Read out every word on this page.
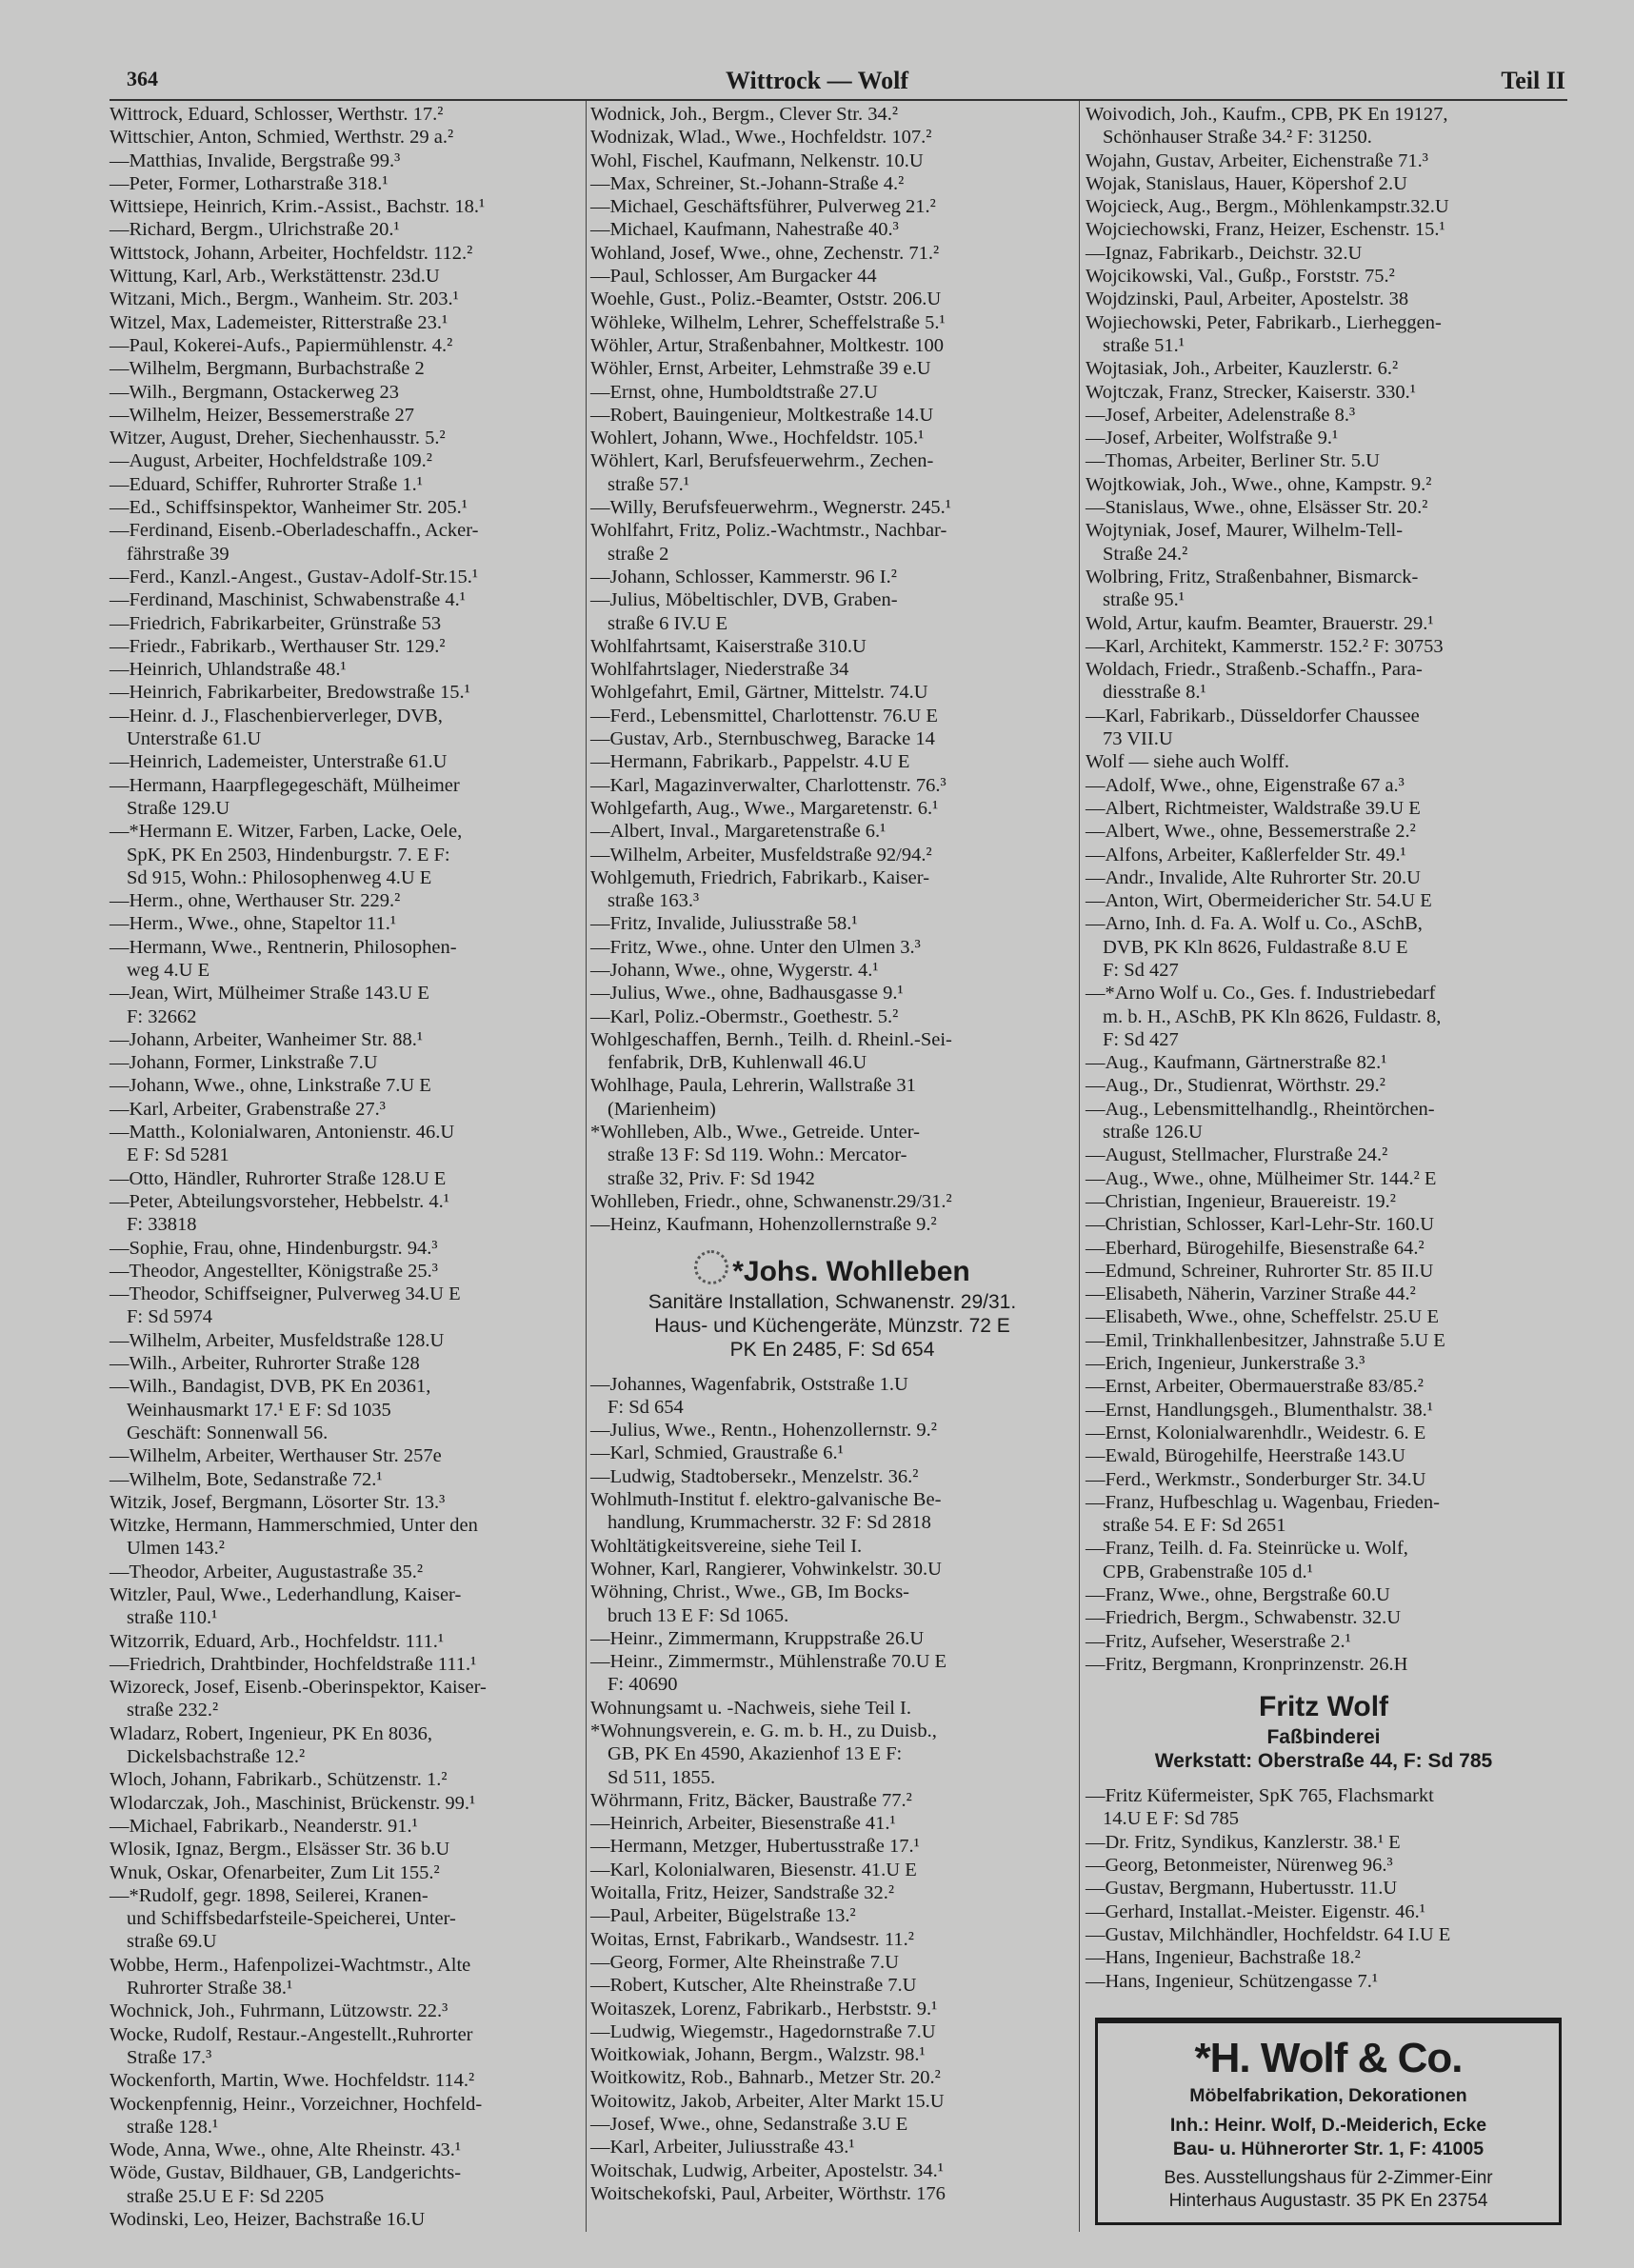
364	Wittrock — Wolf	Teil II
Wittrock, Eduard, Schlosser, Werthstr. 17.²
Wittschier, Anton, Schmied, Werthstr. 29 a.²
—Matthias, Invalide, Bergstraße 99.³
—Peter, Former, Lotharstraße 318.¹
Wittsiepe, Heinrich, Krim.-Assist., Bachstr. 18.¹
—Richard, Bergm., Ulrichstraße 20.¹
Wittstock, Johann, Arbeiter, Hochfeldstr. 112.²
Wittung, Karl, Arb., Werkstättenstr. 23d.U
Witzani, Mich., Bergm., Wanheim. Str. 203.¹
Witzel, Max, Lademeister, Ritterstraße 23.¹
—Paul, Kokerei-Aufs., Papiermühlenstr. 4.²
—Wilhelm, Bergmann, Burbachstraße 2
—Wilh., Bergmann, Ostackerweg 23
—Wilhelm, Heizer, Bessemerstraße 27
Witzer, August, Dreher, Siechenhausstr. 5.²
—August, Arbeiter, Hochfeldstraße 109.²
—Eduard, Schiffer, Ruhrorter Straße 1.¹
—Ed., Schiffsinspektor, Wanheimer Str. 205.¹
—Ferdinand, Eisenb.-Oberladeschaffn., Acker-
fährstraße 39
—Ferd., Kanzl.-Angest., Gustav-Adolf-Str.15.¹
—Ferdinand, Maschinist, Schwabenstraße 4.¹
—Friedrich, Fabrikarbeiter, Grünstraße 53
—Friedr., Fabrikarb., Werthauser Str. 129.²
—Heinrich, Uhlandstraße 48.¹
—Heinrich, Fabrikarbeiter, Bredowstraße 15.¹
—Heinr. d. J., Flaschenbierverleger, DVB,
Unterstraße 61.U
—Heinrich, Lademeister, Unterstraße 61.U
—Hermann, Haarpflegegeschäft, Mülheimer
Straße 129.U
—*Hermann E. Witzer, Farben, Lacke, Oele,
SpK, PK En 2503, Hindenburgstr. 7. E F:
Sd 915, Wohn.: Philosophenweg 4.U E
—Herm., ohne, Werthauser Str. 229.²
—Herm., Wwe., ohne, Stapeltor 11.¹
—Hermann, Wwe., Rentnerin, Philosophen-
weg 4.U E
—Jean, Wirt, Mülheimer Straße 143.U E
F: 32662
—Johann, Arbeiter, Wanheimer Str. 88.¹
—Johann, Former, Linkstraße 7.U
—Johann, Wwe., ohne, Linkstraße 7.U E
—Karl, Arbeiter, Grabenstraße 27.³
—Matth., Kolonialwaren, Antonienstr. 46.U
E F: Sd 5281
—Otto, Händler, Ruhrorter Straße 128.U E
—Peter, Abteilungsvorsteher, Hebbelstr. 4.¹
F: 33818
—Sophie, Frau, ohne, Hindenburgstr. 94.³
—Theodor, Angestellter, Königstraße 25.³
—Theodor, Schiffseigner, Pulverweg 34.U E
F: Sd 5974
—Wilhelm, Arbeiter, Musfeldstraße 128.U
—Wilh., Arbeiter, Ruhrorter Straße 128
—Wilh., Bandagist, DVB, PK En 20361,
Weinhausmarkt 17.¹ E F: Sd 1035
Geschäft: Sonnenwall 56.
—Wilhelm, Arbeiter, Werthauser Str. 257e
—Wilhelm, Bote, Sedanstraße 72.¹
Witzik, Josef, Bergmann, Lösorter Str. 13.³
Witzke, Hermann, Hammerschmied, Unter den
Ulmen 143.²
—Theodor, Arbeiter, Augustastraße 35.²
Witzler, Paul, Wwe., Lederhandlung, Kaiser-
straße 110.¹
Witzorrik, Eduard, Arb., Hochfeldstr. 111.¹
—Friedrich, Drahtbinder, Hochfeldstraße 111.¹
Wizoreck, Josef, Eisenb.-Oberinspektor, Kaiser-
straße 232.²
Wladarz, Robert, Ingenieur, PK En 8036,
Dickelsbachstraße 12.²
Wloch, Johann, Fabrikarb., Schützenstr. 1.²
Wlodarczak, Joh., Maschinist, Brückenstr. 99.¹
—Michael, Fabrikarb., Neanderstr. 91.¹
Wlosik, Ignaz, Bergm., Elsässer Str. 36 b.U
Wnuk, Oskar, Ofenarbeiter, Zum Lit 155.²
—*Rudolf, gegr. 1898, Seilerei, Kranen-
und Schiffsbedarfsteile-Speicherei, Unter-
straße 69.U
Wobbe, Herm., Hafenpolizei-Wachtmstr., Alte
Ruhrorter Straße 38.¹
Wochnick, Joh., Fuhrmann, Lützowstr. 22.³
Wocke, Rudolf, Restaur.-Angestellt.,Ruhrorter
Straße 17.³
Wockenforth, Martin, Wwe. Hochfeldstr. 114.²
Wockenpfennig, Heinr., Vorzeichner, Hochfeld-
straße 128.¹
Wode, Anna, Wwe., ohne, Alte Rheinstr. 43.¹
Wöde, Gustav, Bildhauer, GB, Landgerichts-
straße 25.U E F: Sd 2205
Wodinski, Leo, Heizer, Bachstraße 16.U
Wodnick, Joh., Bergm., Clever Str. 34.²
Wodnizak, Wlad., Wwe., Hochfeldstr. 107.²
Wohl, Fischel, Kaufmann, Nelkenstr. 10.U
—Max, Schreiner, St.-Johann-Straße 4.²
—Michael, Geschäftsführer, Pulverweg 21.²
—Michael, Kaufmann, Nahestraße 40.³
Wohland, Josef, Wwe., ohne, Zechenstr. 71.²
—Paul, Schlosser, Am Burgacker 44
Woehle, Gust., Poliz.-Beamter, Oststr. 206.U
Wöhleke, Wilhelm, Lehrer, Scheffelstraße 5.¹
Wöhler, Artur, Straßenbahner, Moltkestr. 100
Wöhler, Ernst, Arbeiter, Lehmstraße 39 e.U
—Ernst, ohne, Humboldtstraße 27.U
—Robert, Bauingenieur, Moltkestraße 14.U
Wohlert, Johann, Wwe., Hochfeldstr. 105.¹
Wöhlert, Karl, Berufsfeuerwehrm., Zechen-
straße 57.¹
—Willy, Berufsfeuerwehrm., Wegnerstr. 245.¹
Wohlfahrt, Fritz, Poliz.-Wachtmstr., Nachbar-
straße 2
—Johann, Schlosser, Kammerstr. 96 I.²
—Julius, Möbeltischler, DVB, Graben-
straße 6 IV.U E
Wohlfahrtsamt, Kaiserstraße 310.U
Wohlfahrtslager, Niederstraße 34
Wohlgefahrt, Emil, Gärtner, Mittelstr. 74.U
—Ferd., Lebensmittel, Charlottenstr. 76.U E
—Gustav, Arb., Sternbuschweg, Baracke 14
—Hermann, Fabrikarb., Pappelstr. 4.U E
—Karl, Magazinverwalter, Charlottenstr. 76.³
Wohlgefarth, Aug., Wwe., Margaretenstr. 6.¹
—Albert, Inval., Margaretenstraße 6.¹
—Wilhelm, Arbeiter, Musfeldstraße 92/94.²
Wohlgemuth, Friedrich, Fabrikarb., Kaiser-
straße 163.³
—Fritz, Invalide, Juliusstraße 58.¹
—Fritz, Wwe., ohne. Unter den Ulmen 3.³
—Johann, Wwe., ohne, Wygerstr. 4.¹
—Julius, Wwe., ohne, Badhausgasse 9.¹
—Karl, Poliz.-Obermstr., Goethestr. 5.²
Wohlgeschaffen, Bernh., Teilh. d. Rheinl.-Sei-
fenfabrik, DrB, Kuhlenwall 46.U
Wohlhage, Paula, Lehrerin, Wallstraße 31
(Marienheim)
*Wohlleben, Alb., Wwe., Getreide. Unter-
straße 13 F: Sd 119. Wohn.: Mercator-
straße 32, Priv. F: Sd 1942
Wohlleben, Friedr., ohne, Schwanenstr.29/31.²
—Heinz, Kaufmann, Hohenzollernstraße 9.²
*Johs. Wohlleben
Sanitäre Installation, Schwanenstr. 29/31.
Haus- und Küchengeräte, Münzstr. 72 E
PK En 2485, F: Sd 654
—Johannes, Wagenfabrik, Oststraße 1.U
F: Sd 654
—Julius, Wwe., Rentn., Hohenzollernstr. 9.²
—Karl, Schmied, Graustraße 6.¹
—Ludwig, Stadtobersekr., Menzelstr. 36.²
Wohlmuth-Institut f. elektro-galvanische Be-
handlung, Krummacherstr. 32 F: Sd 2818
Wohltätigkeitsvereine, siehe Teil I.
Wohner, Karl, Rangierer, Vohwinkelstr. 30.U
Wöhning, Christ., Wwe., GB, Im Bocks-
bruch 13 E F: Sd 1065.
—Heinr., Zimmermann, Kruppstraße 26.U
—Heinr., Zimmermstr., Mühlenstraße 70.U E
F: 40690
Wohnungsamt u. -Nachweis, siehe Teil I.
*Wohnungsverein, e. G. m. b. H., zu Duisb.,
GB, PK En 4590, Akazienhof 13 E F:
Sd 511, 1855.
Wöhrmann, Fritz, Bäcker, Baustraße 77.²
—Heinrich, Arbeiter, Biesenstraße 41.¹
—Hermann, Metzger, Hubertusstraße 17.¹
—Karl, Kolonialwaren, Biesenstr. 41.U E
Woitalla, Fritz, Heizer, Sandstraße 32.²
—Paul, Arbeiter, Bügelstraße 13.²
Woitas, Ernst, Fabrikarb., Wandsestr. 11.²
—Georg, Former, Alte Rheinstraße 7.U
—Robert, Kutscher, Alte Rheinstraße 7.U
Woitaszek, Lorenz, Fabrikarb., Herbststr. 9.¹
—Ludwig, Wiegemstr., Hagedornstraße 7.U
Woitkowiak, Johann, Bergm., Walzstr. 98.¹
Woitkowitz, Rob., Bahnarb., Metzer Str. 20.²
Woitowitz, Jakob, Arbeiter, Alter Markt 15.U
—Josef, Wwe., ohne, Sedanstraße 3.U E
—Karl, Arbeiter, Juliusstraße 43.¹
Woitschak, Ludwig, Arbeiter, Apostelstr. 34.¹
Woitschekofski, Paul, Arbeiter, Wörthstr. 176
Woivodich, Joh., Kaufm., CPB, PK En 19127,
Schönhauser Straße 34.² F: 31250.
Wojahn, Gustav, Arbeiter, Eichenstraße 71.³
Wojak, Stanislaus, Hauer, Köpershof 2.U
Wojcieck, Aug., Bergm., Möhlenkampstr.32.U
Wojciechowski, Franz, Heizer, Eschenstr. 15.¹
—Ignaz, Fabrikarb., Deichstr. 32.U
Wojcikowski, Val., Gußp., Forststr. 75.²
Wojdzinski, Paul, Arbeiter, Apostelstr. 38
Wojiechowski, Peter, Fabrikarb., Lierheggen-
straße 51.¹
Wojtasiak, Joh., Arbeiter, Kauzlerstr. 6.²
Wojtczak, Franz, Strecker, Kaiserstr. 330.¹
—Josef, Arbeiter, Adelenstraße 8.³
—Josef, Arbeiter, Wolfstraße 9.¹
—Thomas, Arbeiter, Berliner Str. 5.U
Wojtkowiak, Joh., Wwe., ohne, Kampstr. 9.²
—Stanislaus, Wwe., ohne, Elsässer Str. 20.²
Wojtyniak, Josef, Maurer, Wilhelm-Tell-
Straße 24.²
Wolbring, Fritz, Straßenbahner, Bismarck-
straße 95.¹
Wold, Artur, kaufm. Beamter, Brauerstr. 29.¹
—Karl, Architekt, Kammerstr. 152.² F: 30753
Woldach, Friedr., Straßenb.-Schaffn., Para-
diesstraße 8.¹
—Karl, Fabrikarb., Düsseldorfer Chaussee
73 VII.U
Wolf — siehe auch Wolff.
—Adolf, Wwe., ohne, Eigenstraße 67 a.³
—Albert, Richtmeister, Waldstraße 39.U E
—Albert, Wwe., ohne, Bessemerstraße 2.²
—Alfons, Arbeiter, Kaßlerfelder Str. 49.¹
—Andr., Invalide, Alte Ruhrorter Str. 20.U
—Anton, Wirt, Obermeidericher Str. 54.U E
—Arno, Inh. d. Fa. A. Wolf u. Co., ASchB,
DVB, PK Kln 8626, Fuldastraße 8.U E
F: Sd 427
—*Arno Wolf u. Co., Ges. f. Industriebedarf
m. b. H., ASchB, PK Kln 8626, Fuldastr. 8,
F: Sd 427
—Aug., Kaufmann, Gärtnerstraße 82.¹
—Aug., Dr., Studienrat, Wörthstr. 29.²
—Aug., Lebensmittelhandlg., Rheintörchen-
straße 126.U
—August, Stellmacher, Flurstraße 24.²
—Aug., Wwe., ohne, Mülheimer Str. 144.² E
—Christian, Ingenieur, Brauereistr. 19.²
—Christian, Schlosser, Karl-Lehr-Str. 160.U
—Eberhard, Bürogehilfe, Biesenstraße 64.²
—Edmund, Schreiner, Ruhrorter Str. 85 II.U
—Elisabeth, Näherin, Varziner Straße 44.²
—Elisabeth, Wwe., ohne, Scheffelstr. 25.U E
—Emil, Trinkhallenbesitzer, Jahnstraße 5.U E
—Erich, Ingenieur, Junkerstraße 3.³
—Ernst, Arbeiter, Obermauerstraße 83/85.²
—Ernst, Handlungsgeh., Blumenthalstr. 38.¹
—Ernst, Kolonialwarenhdlr., Weidestr. 6. E
—Ewald, Bürogehilfe, Heerstraße 143.U
—Ferd., Werkmstr., Sonderburger Str. 34.U
—Franz, Hufbeschlag u. Wagenbau, Frieden-
straße 54. E F: Sd 2651
—Franz, Teilh. d. Fa. Steinrücke u. Wolf,
CPB, Grabenstraße 105 d.¹
—Franz, Wwe., ohne, Bergstraße 60.U
—Friedrich, Bergm., Schwabenstr. 32.U
—Fritz, Aufseher, Weserstraße 2.¹
—Fritz, Bergmann, Kronprinzenstr. 26.H
Fritz Wolf
Faßbinderei
Werkstatt: Oberstraße 44, F: Sd 785
—Fritz Küfermeister, SpK 765, Flachsmarkt
14.U E F: Sd 785
—Dr. Fritz, Syndikus, Kanzlerstr. 38.¹ E
—Georg, Betonmeister, Nürenweg 96.³
—Gustav, Bergmann, Hubertusstr. 11.U
—Gerhard, Installat.-Meister. Eigenstr. 46.¹
—Gustav, Milchhändler, Hochfeldstr. 64 I.U E
—Hans, Ingenieur, Bachstraße 18.²
—Hans, Ingenieur, Schützengasse 7.¹
*H. Wolf & Co.
Möbelfabrikation, Dekorationen
Inh.: Heinr. Wolf, D.-Meiderich, Ecke
Bau- u. Hühnerorter Str. 1, F: 41005
Bes. Ausstellungshaus für 2-Zimmer-Einr
Hinterhaus Augustastr. 35 PK En 23754
